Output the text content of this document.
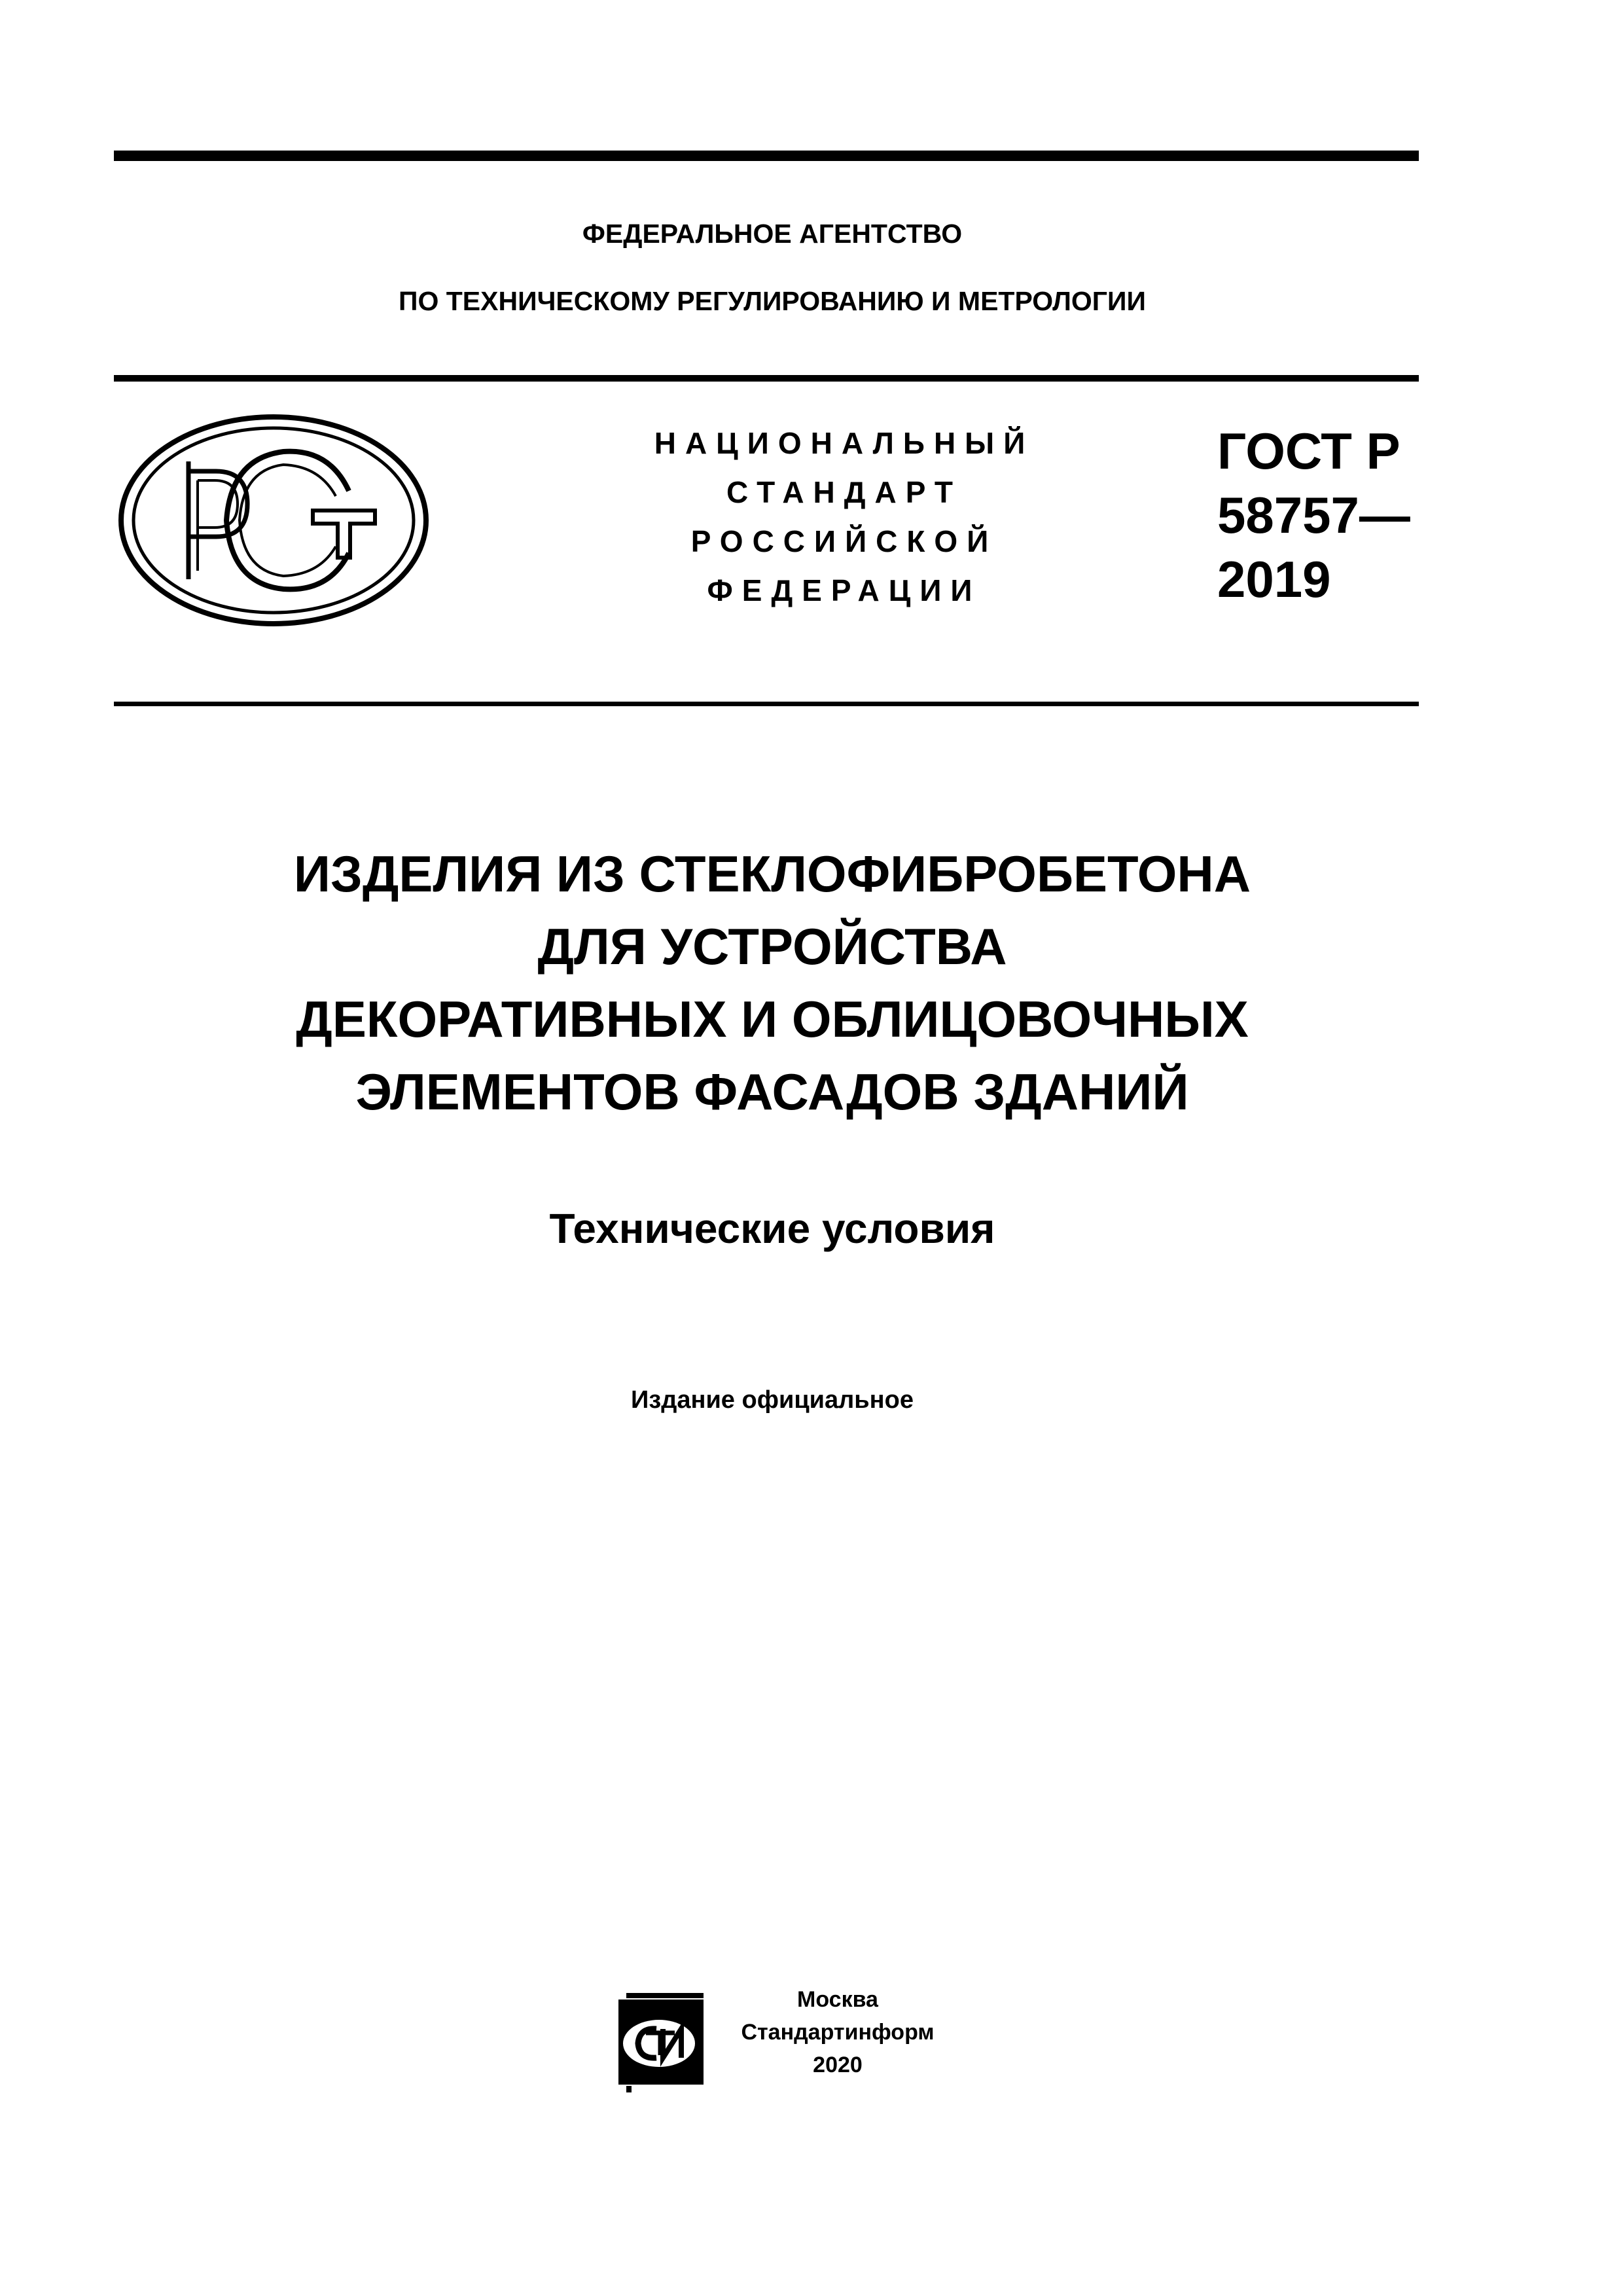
ФЕДЕРАЛЬНОЕ АГЕНТСТВО
ПО ТЕХНИЧЕСКОМУ РЕГУЛИРОВАНИЮ И МЕТРОЛОГИИ
НАЦИОНАЛЬНЫЙ
СТАНДАРТ
РОССИЙСКОЙ
ФЕДЕРАЦИИ
ГОСТ Р
58757—
2019
ИЗДЕЛИЯ ИЗ СТЕКЛОФИБРОБЕТОНА
ДЛЯ УСТРОЙСТВА
ДЕКОРАТИВНЫХ И ОБЛИЦОВОЧНЫХ
ЭЛЕМЕНТОВ ФАСАДОВ ЗДАНИЙ
Технические условия
Издание официальное
Москва
Стандартинформ
2020
